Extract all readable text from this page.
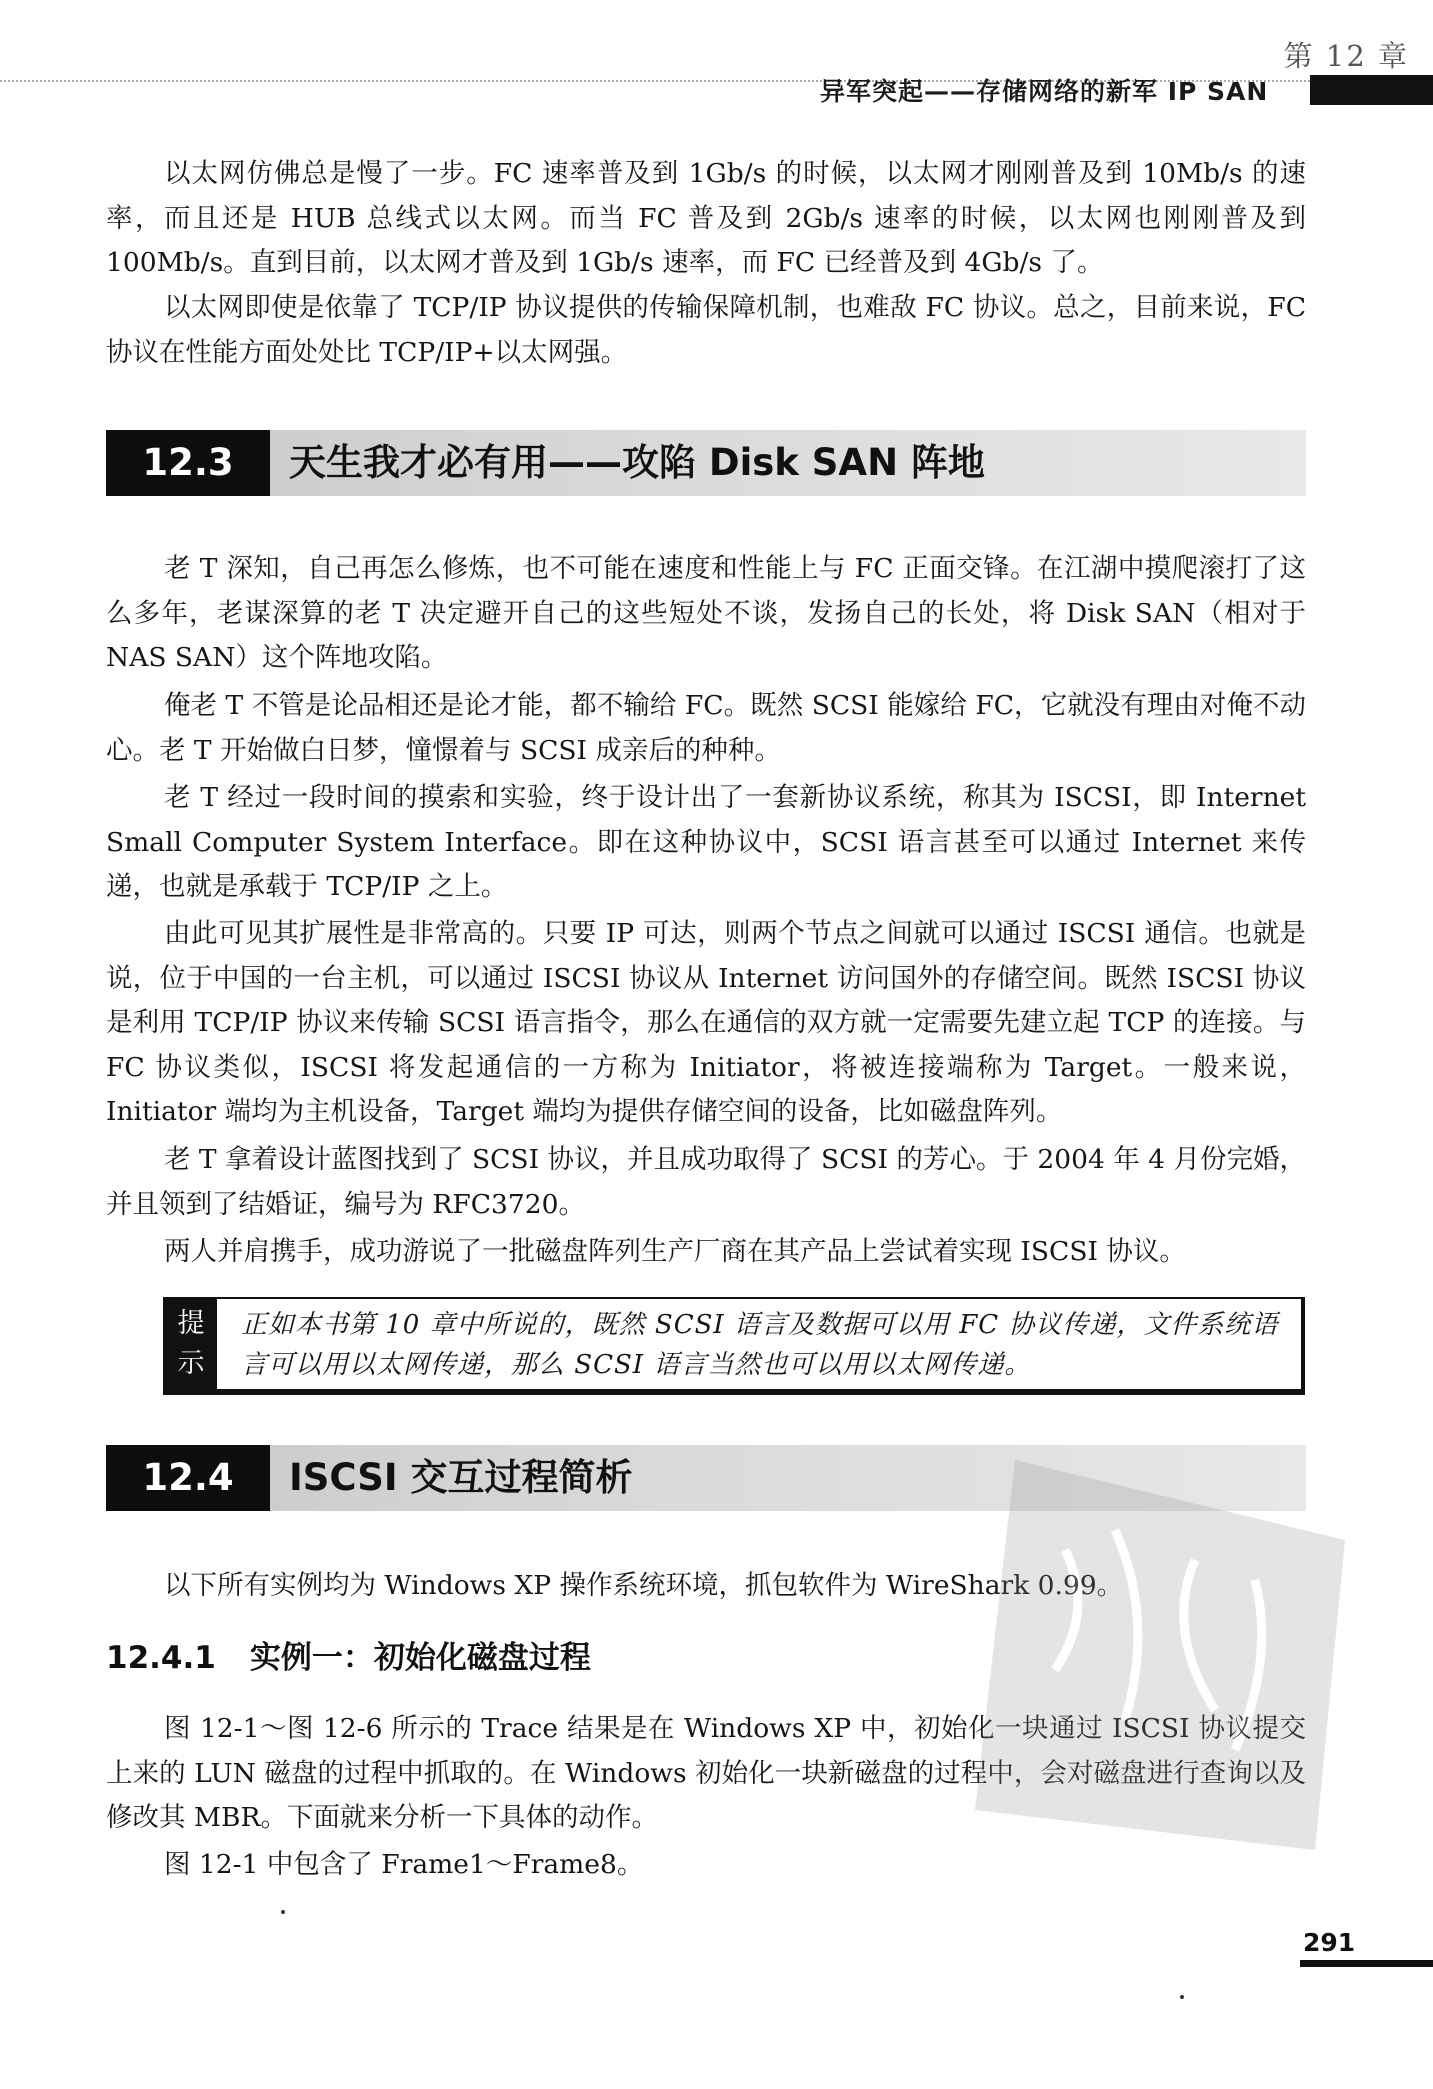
第 12 章
异军突起——存储网络的新军 IP SAN

以太网仿佛总是慢了一步。FC 速率普及到 1Gb/s 的时候，以太网才刚刚普及到 10Mb/s 的速率，而且还是 HUB 总线式以太网。而当 FC 普及到 2Gb/s 速率的时候，以太网也刚刚普及到 100Mb/s。直到目前，以太网才普及到 1Gb/s 速率，而 FC 已经普及到 4Gb/s 了。

以太网即使是依靠了 TCP/IP 协议提供的传输保障机制，也难敌 FC 协议。总之，目前来说，FC 协议在性能方面处处比 TCP/IP+以太网强。

12.3	天生我才必有用——攻陷 Disk SAN 阵地

老 T 深知，自己再怎么修炼，也不可能在速度和性能上与 FC 正面交锋。在江湖中摸爬滚打了这么多年，老谋深算的老 T 决定避开自己的这些短处不谈，发扬自己的长处，将 Disk SAN（相对于 NAS SAN）这个阵地攻陷。

俺老 T 不管是论品相还是论才能，都不输给 FC。既然 SCSI 能嫁给 FC，它就没有理由对俺不动心。老 T 开始做白日梦，憧憬着与 SCSI 成亲后的种种。

老 T 经过一段时间的摸索和实验，终于设计出了一套新协议系统，称其为 ISCSI，即 Internet Small Computer System Interface。即在这种协议中，SCSI 语言甚至可以通过 Internet 来传递，也就是承载于 TCP/IP 之上。

由此可见其扩展性是非常高的。只要 IP 可达，则两个节点之间就可以通过 ISCSI 通信。也就是说，位于中国的一台主机，可以通过 ISCSI 协议从 Internet 访问国外的存储空间。既然 ISCSI 协议是利用 TCP/IP 协议来传输 SCSI 语言指令，那么在通信的双方就一定需要先建立起 TCP 的连接。与 FC 协议类似，ISCSI 将发起通信的一方称为 Initiator，将被连接端称为 Target。一般来说，Initiator 端均为主机设备，Target 端均为提供存储空间的设备，比如磁盘阵列。

老 T 拿着设计蓝图找到了 SCSI 协议，并且成功取得了 SCSI 的芳心。于 2004 年 4 月份完婚，并且领到了结婚证，编号为 RFC3720。

两人并肩携手，成功游说了一批磁盘阵列生产厂商在其产品上尝试着实现 ISCSI 协议。

提
示
正如本书第 10 章中所说的，既然 SCSI 语言及数据可以用 FC 协议传递，文件系统语言可以用以太网传递，那么 SCSI 语言当然也可以用以太网传递。
12.4	ISCSI 交互过程简析

以下所有实例均为 Windows XP 操作系统环境，抓包软件为 WireShark 0.99。

12.4.1 实例一：初始化磁盘过程

图 12-1～图 12-6 所示的 Trace 结果是在 Windows XP 中，初始化一块通过 ISCSI 协议提交上来的 LUN 磁盘的过程中抓取的。在 Windows 初始化一块新磁盘的过程中，会对磁盘进行查询以及修改其 MBR。下面就来分析一下具体的动作。

图 12-1 中包含了 Frame1～Frame8。

291
